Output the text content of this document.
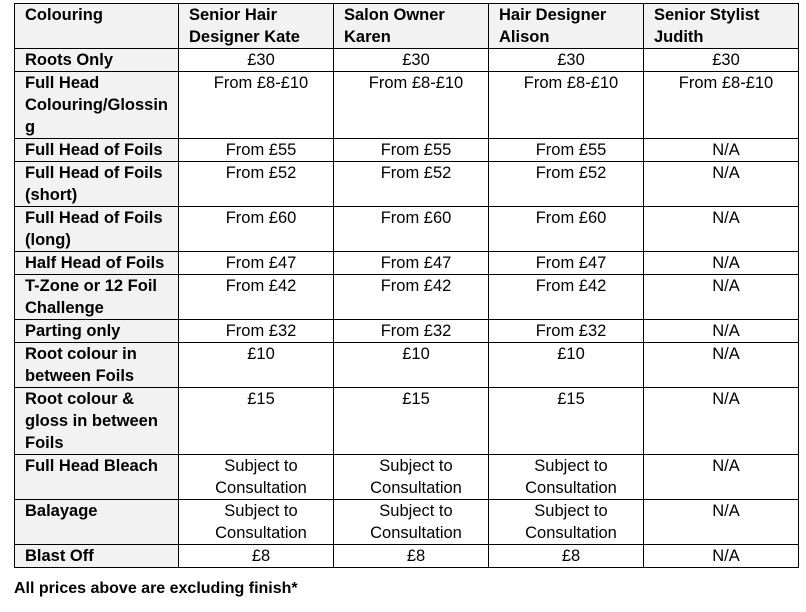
Colouring	Senior Hair Designer Kate	Salon Owner Karen	Hair Designer Alison	Senior Stylist Judith
Roots Only	£30	£30	£30	£30
Full Head Colouring/Glossing	From £8-£10	From £8-£10	From £8-£10	From £8-£10
Full Head of Foils	From £55	From £55	From £55	N/A
Full Head of Foils (short)	From £52	From £52	From £52	N/A
Full Head of Foils (long)	From £60	From £60	From £60	N/A
Half Head of Foils	From £47	From £47	From £47	N/A
T-Zone or 12 Foil Challenge	From £42	From £42	From £42	N/A
Parting only	From £32	From £32	From £32	N/A
Root colour in between Foils	£10	£10	£10	N/A
Root colour & gloss in between Foils	£15	£15	£15	N/A
Full Head Bleach	Subject to Consultation	Subject to Consultation	Subject to Consultation	N/A
Balayage	Subject to Consultation	Subject to Consultation	Subject to Consultation	N/A
Blast Off	£8	£8	£8	N/A
All prices above are excluding finish*
